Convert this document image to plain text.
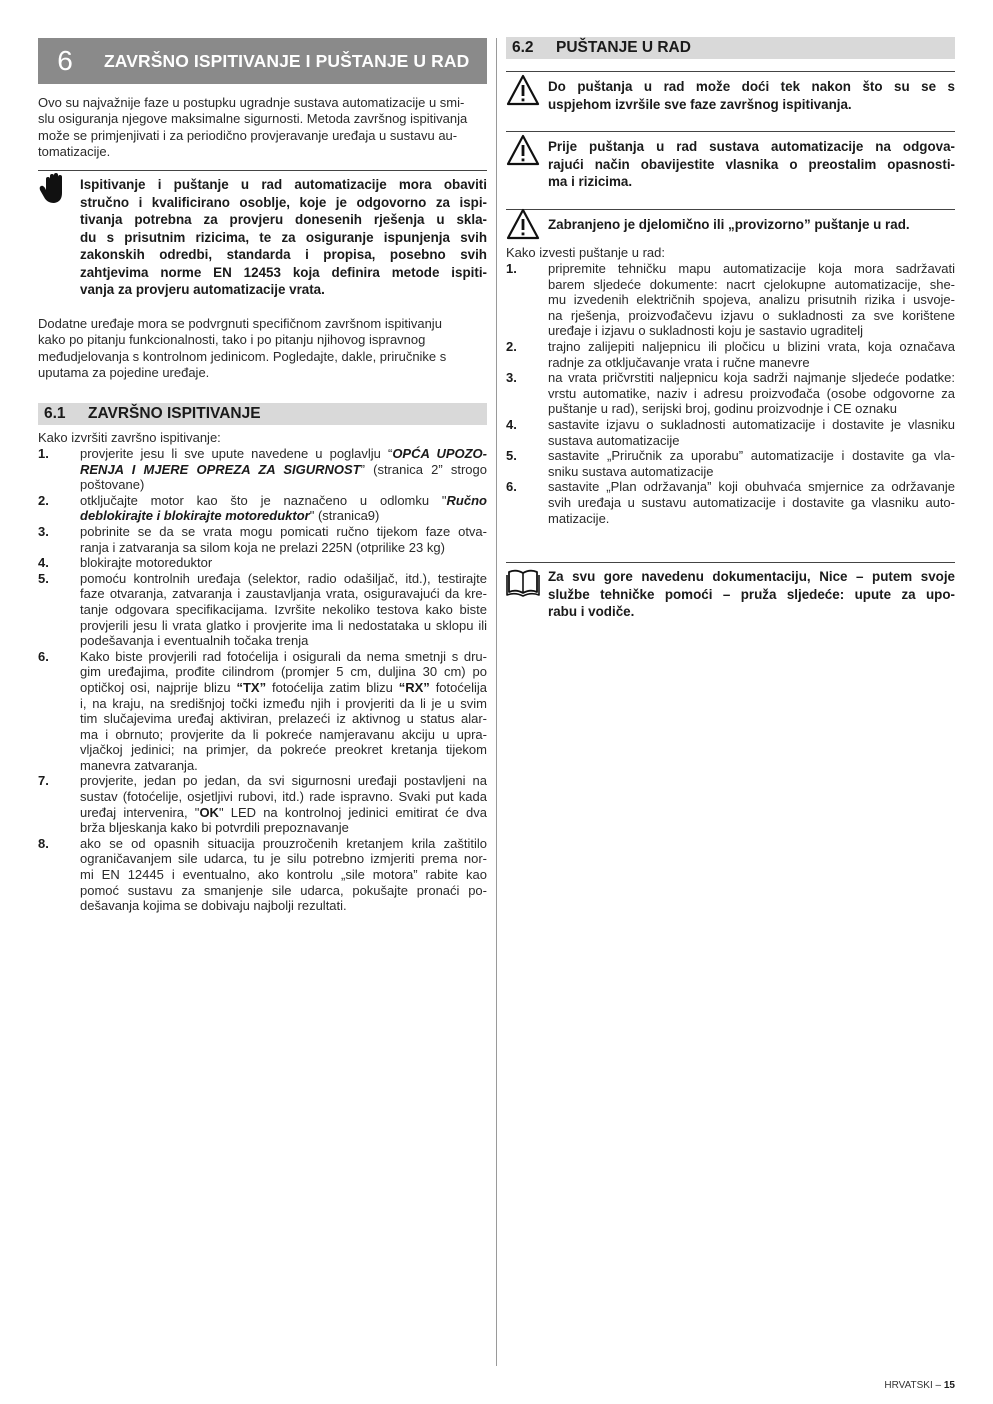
6	ZAVRŠNO ISPITIVANJE I PUŠTANJE U RAD
Ovo su najvažnije faze u postupku ugradnje sustava automatizacije u smi-
slu osiguranja njegove maksimalne sigurnosti. Metoda završnog ispitivanja
može se primjenjivati i za periodično provjeravanje uređaja u sustavu au-
tomatizacije.
Ispitivanje i puštanje u rad automatizacije mora obaviti
stručno i kvalificirano osoblje, koje je odgovorno za ispi-
tivanja potrebna za provjeru donesenih rješenja u skla-
du s prisutnim rizicima, te za osiguranje ispunjenja svih
zakonskih odredbi, standarda i propisa, posebno svih
zahtjevima norme EN 12453 koja definira metode ispiti-
vanja za provjeru automatizacije vrata.
Dodatne uređaje mora se podvrgnuti specifičnom završnom ispitivanju
kako po pitanju funkcionalnosti, tako i po pitanju njihovog ispravnog
međudjelovanja s kontrolnom jedinicom. Pogledajte, dakle, priručnike s
uputama za pojedine uređaje.
6.1	ZAVRŠNO ISPITIVANJE
Kako izvršiti završno ispitivanje:
1. provjerite jesu li sve upute navedene u poglavlju “OPĆA UPOZO-
RENJA I MJERE OPREZA ZA SIGURNOST” (stranica 2” strogo
poštovane)
2. otključajte motor kao što je naznačeno u odlomku "Ručno
deblokirajte i blokirajte motoreduktor" (stranica9)
3. pobrinite se da se vrata mogu pomicati ručno tijekom faze otva-
ranja i zatvaranja sa silom koja ne prelazi 225N (otprilike 23 kg)
4. blokirajte motoreduktor
5. pomoću kontrolnih uređaja (selektor, radio odašiljač, itd.), testirajte
faze otvaranja, zatvaranja i zaustavljanja vrata, osiguravajući da kre-
tanje odgovara specifikacijama. Izvršite nekoliko testova kako biste
provjerili jesu li vrata glatko i provjerite ima li nedostataka u sklopu ili
podešavanja i eventualnih točaka trenja
6. Kako biste provjerili rad fotoćelija i osigurali da nema smetnji s dru-
gim uređajima, prođite cilindrom (promjer 5 cm, duljina 30 cm) po
optičkoj osi, najprije blizu “TX” fotoćelija zatim blizu “RX” fotoćelija
i, na kraju, na središnjoj točki između njih i provjeriti da li je u svim
tim slučajevima uređaj aktiviran, prelazeći iz aktivnog u status alar-
ma i obrnuto; provjerite da li pokreće namjeravanu akciju u upra-
vljačkoj jedinici; na primjer, da pokreće preokret kretanja tijekom
manevra zatvaranja.
7. provjerite, jedan po jedan, da svi sigurnosni uređaji postavljeni na
sustav (fotoćelije, osjetljivi rubovi, itd.) rade ispravno. Svaki put kada
uređaj intervenira, "OK" LED na kontrolnoj jedinici emitirat će dva
brža bljeskanja kako bi potvrdili prepoznavanje
8. ako se od opasnih situacija prouzročenih kretanjem krila zaštitilo
ograničavanjem sile udarca, tu je silu potrebno izmjeriti prema nor-
mi EN 12445 i eventualno, ako kontrolu „sile motora” rabite kao
pomoć sustavu za smanjenje sile udarca, pokušajte pronaći po-
dešavanja kojima se dobivaju najbolji rezultati.
6.2	PUŠTANJE U RAD
Do puštanja u rad može doći tek nakon što su se s
uspjehom izvršile sve faze završnog ispitivanja.
Prije puštanja u rad sustava automatizacije na odgova-
rajući način obavijestite vlasnika o preostalim opasnosti-
ma i rizicima.
Zabranjeno je djelomično ili „provizorno” puštanje u rad.
Kako izvesti puštanje u rad:
1. pripremite tehničku mapu automatizacije koja mora sadržavati
barem sljedeće dokumente: nacrt cjelokupne automatizacije, she-
mu izvedenih električnih spojeva, analizu prisutnih rizika i usvoje-
na rješenja, proizvođačevu izjavu o sukladnosti za sve korištene
uređaje i izjavu o sukladnosti koju je sastavio ugraditelj
2. trajno zalijepiti naljepnicu ili pločicu u blizini vrata, koja označava
radnje za otključavanje vrata i ručne manevre
3. na vrata pričvrstiti naljepnicu koja sadrži najmanje sljedeće podatke:
vrstu automatike, naziv i adresu proizvođača (osobe odgovorne za
puštanje u rad), serijski broj, godinu proizvodnje i CE oznaku
4. sastavite izjavu o sukladnosti automatizacije i dostavite je vlasniku
sustava automatizacije
5. sastavite „Priručnik za uporabu” automatizacije i dostavite ga vla-
sniku sustava automatizacije
6. sastavite „Plan održavanja” koji obuhvaća smjernice za održavanje
svih uređaja u sustavu automatizacije i dostavite ga vlasniku auto-
matizacije.
Za svu gore navedenu dokumentaciju, Nice – putem svoje
službe tehničke pomoći – pruža sljedeće: upute za upo-
rabu i vodiče.
HRVATSKI – 15
